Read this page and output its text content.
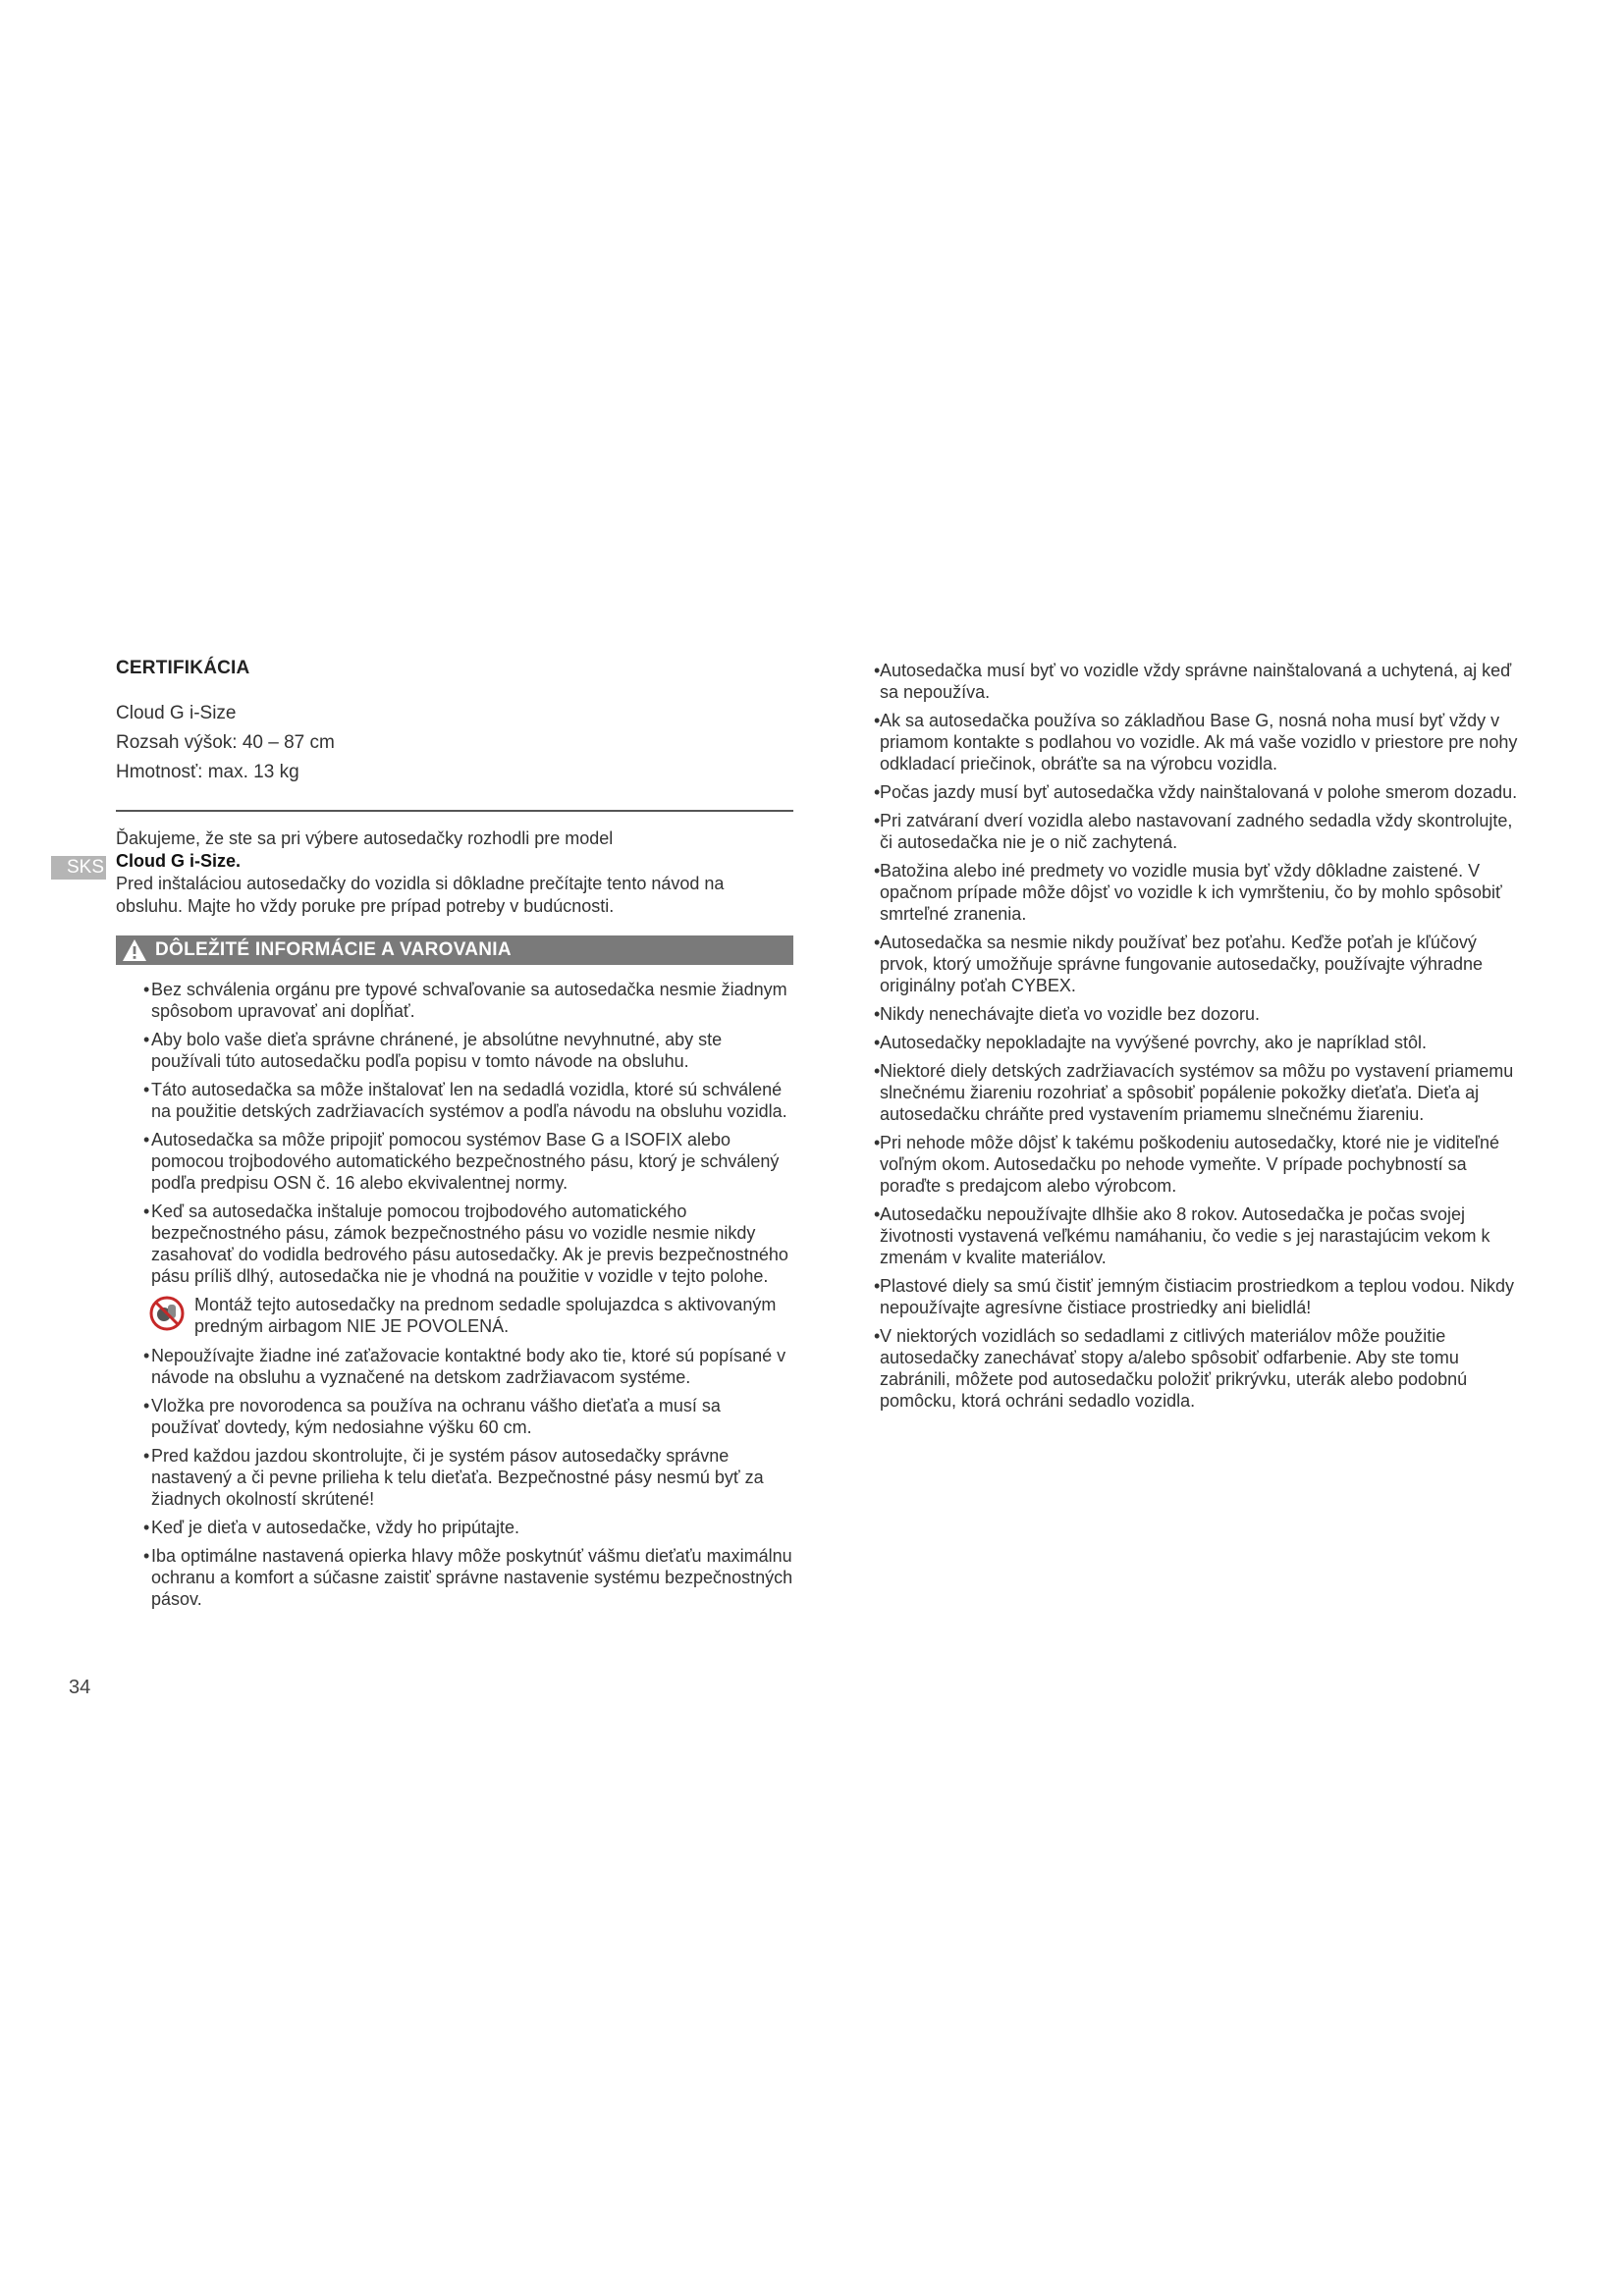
SKS
CERTIFIKÁCIA
Cloud G i-Size
Rozsah výšok: 40 – 87 cm
Hmotnosť: max. 13 kg
Ďakujeme, že ste sa pri výbere autosedačky rozhodli pre model
Cloud G i-Size.
Pred inštaláciou autosedačky do vozidla si dôkladne prečítajte tento návod na obsluhu. Majte ho vždy poruke pre prípad potreby v budúcnosti.
DÔLEŽITÉ INFORMÁCIE A VAROVANIA
• Bez schválenia orgánu pre typové schvaľovanie sa autosedačka nesmie žiadnym spôsobom upravovať ani dopĺňať.
• Aby bolo vaše dieťa správne chránené, je absolútne nevyhnutné, aby ste používali túto autosedačku podľa popisu v tomto návode na obsluhu.
• Táto autosedačka sa môže inštalovať len na sedadlá vozidla, ktoré sú schválené na použitie detských zadržiavacích systémov a podľa návodu na obsluhu vozidla.
• Autosedačka sa môže pripojiť pomocou systémov Base G a ISOFIX alebo pomocou trojbodového automatického bezpečnostného pásu, ktorý je schválený podľa predpisu OSN č. 16 alebo ekvivalentnej normy.
• Keď sa autosedačka inštaluje pomocou trojbodového automatického bezpečnostného pásu, zámok bezpečnostného pásu vo vozidle nesmie nikdy zasahovať do vodidla bedrového pásu autosedačky. Ak je previs bezpečnostného pásu príliš dlhý, autosedačka nie je vhodná na použitie v vozidle v tejto polohe.
Montáž tejto autosedačky na prednom sedadle spolujazdca s aktivovaným predným airbagom NIE JE POVOLENÁ.
• Nepoužívajte žiadne iné zaťažovacie kontaktné body ako tie, ktoré sú popísané v návode na obsluhu a vyznačené na detskom zadržiavacom systéme.
• Vložka pre novorodenca sa používa na ochranu vášho dieťaťa a musí sa používať dovtedy, kým nedosiahne výšku 60 cm.
• Pred každou jazdou skontrolujte, či je systém pásov autosedačky správne nastavený a či pevne prilieha k telu dieťaťa. Bezpečnostné pásy nesmú byť za žiadnych okolností skrútené!
• Keď je dieťa v autosedačke, vždy ho pripútajte.
• Iba optimálne nastavená opierka hlavy môže poskytnúť vášmu dieťaťu maximálnu ochranu a komfort a súčasne zaistiť správne nastavenie systému bezpečnostných pásov.
• Autosedačka musí byť vo vozidle vždy správne nainštalovaná a uchytená, aj keď sa nepoužíva.
• Ak sa autosedačka používa so základňou Base G, nosná noha musí byť vždy v priamom kontakte s podlahou vo vozidle. Ak má vaše vozidlo v priestore pre nohy odkladací priečinok, obráťte sa na výrobcu vozidla.
• Počas jazdy musí byť autosedačka vždy nainštalovaná v polohe smerom dozadu.
• Pri zatváraní dverí vozidla alebo nastavovaní zadného sedadla vždy skontrolujte, či autosedačka nie je o nič zachytená.
• Batožina alebo iné predmety vo vozidle musia byť vždy dôkladne zaistené. V opačnom prípade môže dôjsť vo vozidle k ich vymršteniu, čo by mohlo spôsobiť smrteľné zranenia.
• Autosedačka sa nesmie nikdy používať bez poťahu. Keďže poťah je kľúčový prvok, ktorý umožňuje správne fungovanie autosedačky, používajte výhradne originálny poťah CYBEX.
• Nikdy nenechávajte dieťa vo vozidle bez dozoru.
• Autosedačky nepokladajte na vyvýšené povrchy, ako je napríklad stôl.
• Niektoré diely detských zadržiavacích systémov sa môžu po vystavení priamemu slnečnému žiareniu rozohriať a spôsobiť popálenie pokožky dieťaťa. Dieťa aj autosedačku chráňte pred vystavením priamemu slnečnému žiareniu.
• Pri nehode môže dôjsť k takému poškodeniu autosedačky, ktoré nie je viditeľné voľným okom. Autosedačku po nehode vymeňte. V prípade pochybností sa poraďte s predajcom alebo výrobcom.
• Autosedačku nepoužívajte dlhšie ako 8 rokov. Autosedačka je počas svojej životnosti vystavená veľkému namáhaniu, čo vedie s jej narastajúcim vekom k zmenám v kvalite materiálov.
• Plastové diely sa smú čistiť jemným čistiacim prostriedkom a teplou vodou. Nikdy nepoužívajte agresívne čistiace prostriedky ani bielidlá!
• V niektorých vozidlách so sedadlami z citlivých materiálov môže použitie autosedačky zanechávať stopy a/alebo spôsobiť odfarbenie. Aby ste tomu zabránili, môžete pod autosedačku položiť prikrývku, uterák alebo podobnú pomôcku, ktorá ochráni sedadlo vozidla.
34
